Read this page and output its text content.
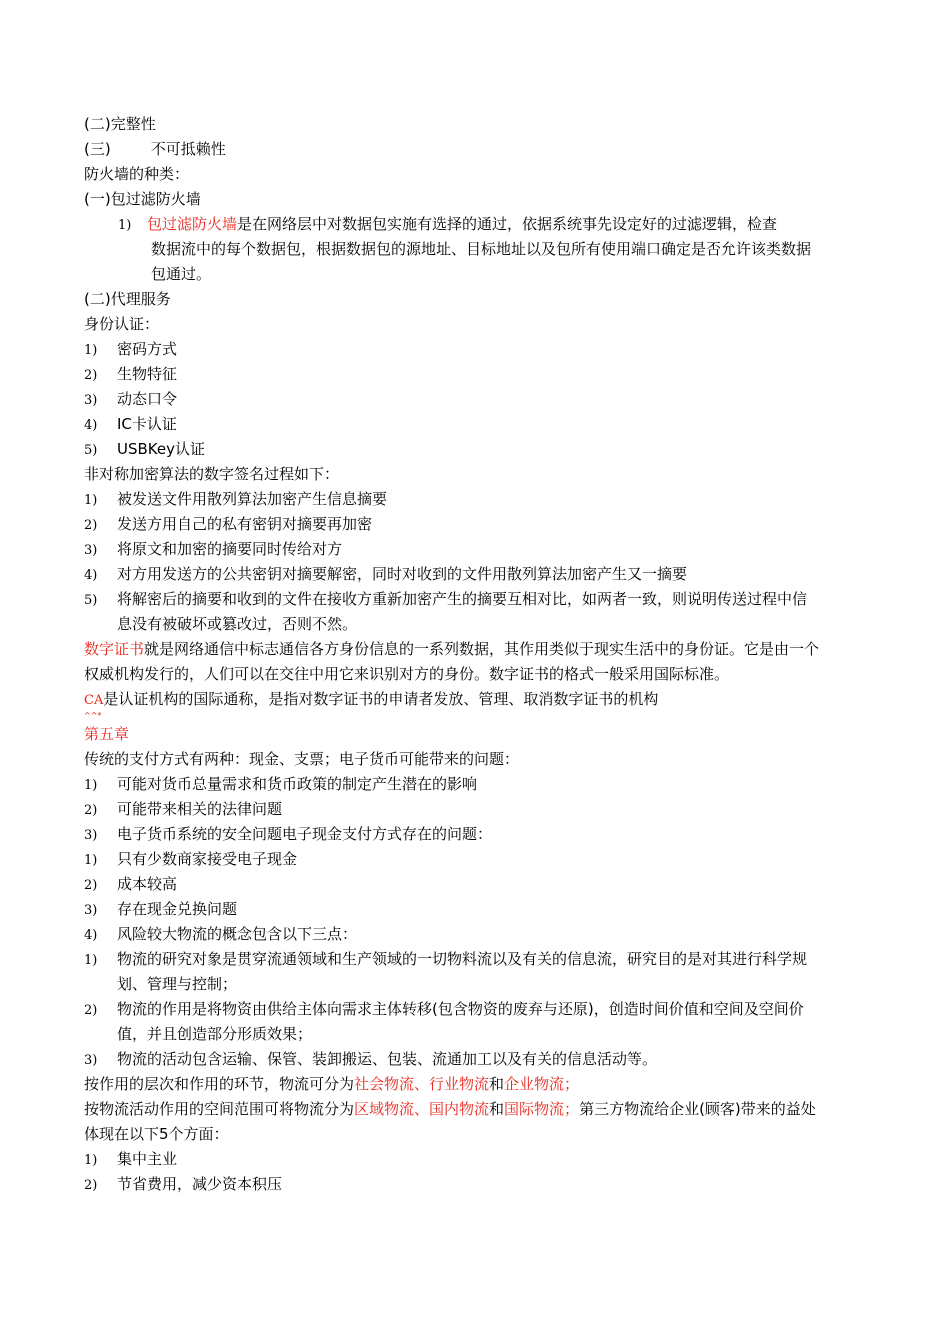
(二)完整性
(三)	不可抵赖性
防火墙的种类：
(一)包过滤防火墙
1) 包过滤防火墙是在网络层中对数据包实施有选择的通过，依据系统事先设定好的过滤逻辑，检查
数据流中的每个数据包，根据数据包的源地址、目标地址以及包所有使用端口确定是否允许该类数据
包通过。
(二)代理服务
身份认证：
1) 密码方式
2) 生物特征
3) 动态口令
4) IC卡认证
5) USBKey认证
非对称加密算法的数字签名过程如下：
1) 被发送文件用散列算法加密产生信息摘要
2) 发送方用自己的私有密钥对摘要再加密
3) 将原文和加密的摘要同时传给对方
4) 对方用发送方的公共密钥对摘要解密，同时对收到的文件用散列算法加密产生又一摘要
5) 将解密后的摘要和收到的文件在接收方重新加密产生的摘要互相对比，如两者一致，则说明传送过程中信
息没有被破坏或篡改过，否则不然。
数字证书就是网络通信中标志通信各方身份信息的一系列数据，其作用类似于现实生活中的身份证。它是由一个
权威机构发行的，人们可以在交往中用它来识别对方的身份。数字证书的格式一般采用国际标准。
CA是认证机构的国际通称，是指对数字证书的申请者发放、管理、取消数字证书的机构
^^*
第五章
传统的支付方式有两种：现金、支票；电子货币可能带来的问题：
1) 可能对货币总量需求和货币政策的制定产生潜在的影响
2) 可能带来相关的法律问题
3) 电子货币系统的安全问题电子现金支付方式存在的问题：
1) 只有少数商家接受电子现金
2) 成本较高
3) 存在现金兑换问题
4) 风险较大物流的概念包含以下三点：
1) 物流的研究对象是贯穿流通领域和生产领域的一切物料流以及有关的信息流，研究目的是对其进行科学规
划、管理与控制；
2) 物流的作用是将物资由供给主体向需求主体转移(包含物资的废弃与还原)，创造时间价值和空间及空间价
值，并且创造部分形质效果；
3) 物流的活动包含运输、保管、装卸搬运、包装、流通加工以及有关的信息活动等。
按作用的层次和作用的环节，物流可分为社会物流、行业物流和企业物流；
按物流活动作用的空间范围可将物流分为区域物流、国内物流和国际物流；第三方物流给企业(顾客)带来的益处
体现在以下5个方面：
1) 集中主业
2) 节省费用，减少资本积压
